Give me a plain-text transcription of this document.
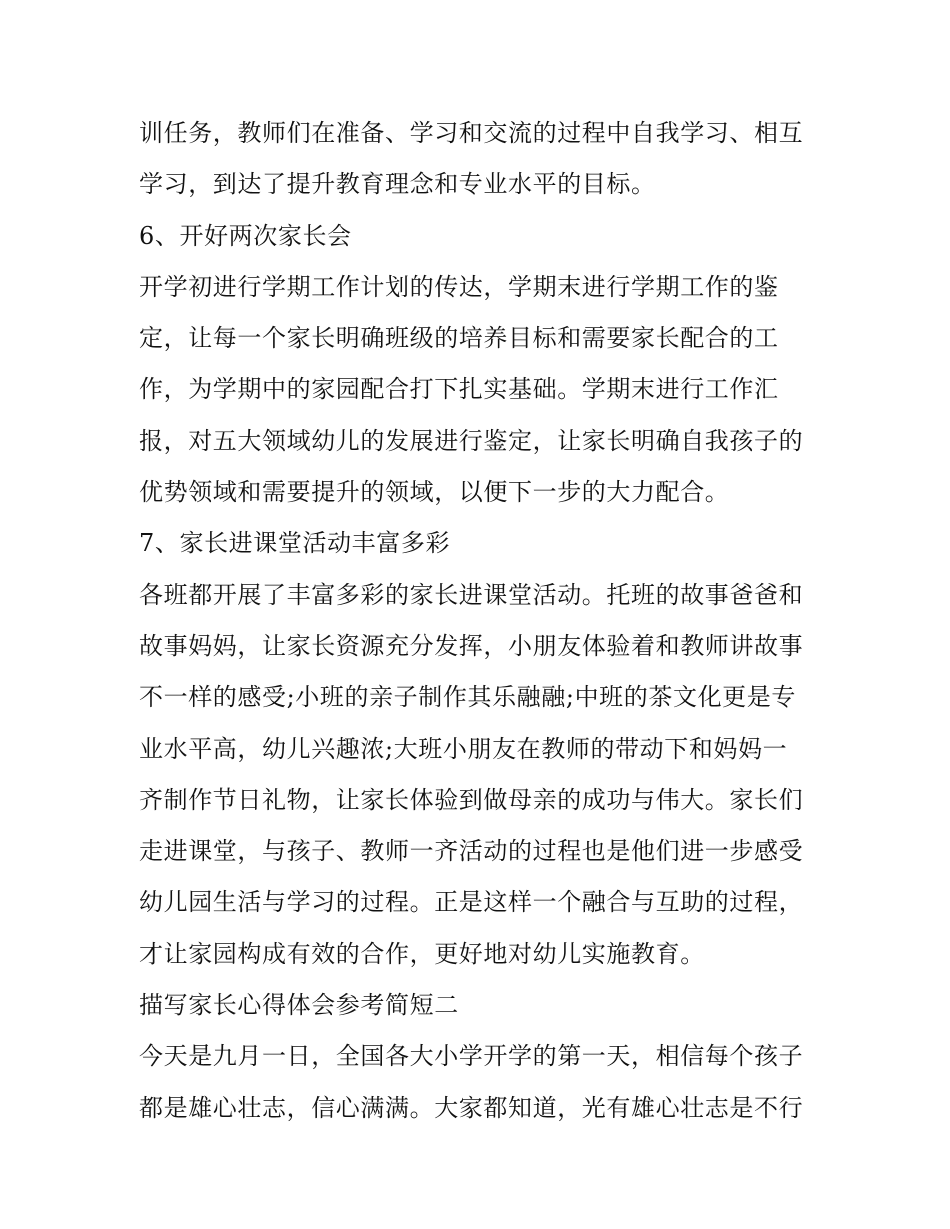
训任务，教师们在准备、学习和交流的过程中自我学习、相互
学习，到达了提升教育理念和专业水平的目标。
6、开好两次家长会
开学初进行学期工作计划的传达，学期末进行学期工作的鉴
定，让每一个家长明确班级的培养目标和需要家长配合的工
作，为学期中的家园配合打下扎实基础。学期末进行工作汇
报，对五大领域幼儿的发展进行鉴定，让家长明确自我孩子的
优势领域和需要提升的领域，以便下一步的大力配合。
7、家长进课堂活动丰富多彩
各班都开展了丰富多彩的家长进课堂活动。托班的故事爸爸和
故事妈妈，让家长资源充分发挥，小朋友体验着和教师讲故事
不一样的感受;小班的亲子制作其乐融融;中班的茶文化更是专
业水平高，幼儿兴趣浓;大班小朋友在教师的带动下和妈妈一
齐制作节日礼物，让家长体验到做母亲的成功与伟大。家长们
走进课堂，与孩子、教师一齐活动的过程也是他们进一步感受
幼儿园生活与学习的过程。正是这样一个融合与互助的过程，
才让家园构成有效的合作，更好地对幼儿实施教育。
描写家长心得体会参考简短二
今天是九月一日，全国各大小学开学的第一天，相信每个孩子
都是雄心壮志，信心满满。大家都知道，光有雄心壮志是不行
